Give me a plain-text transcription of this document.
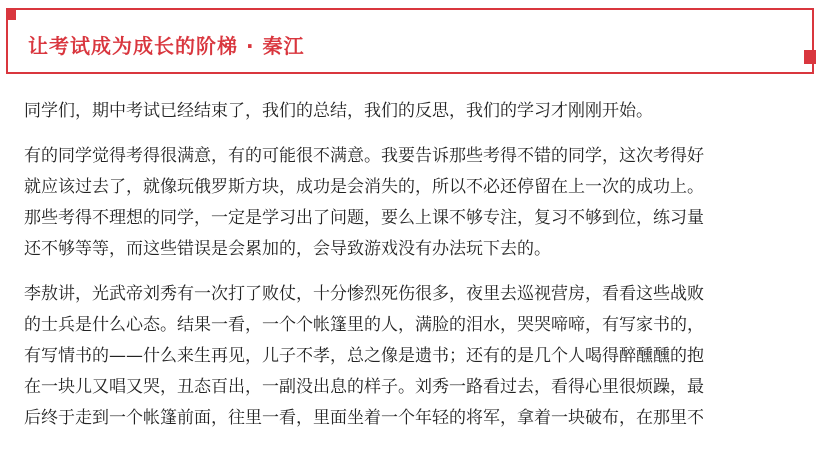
让考试成为成长的阶梯 · 秦江

同学们，期中考试已经结束了，我们的总结，我们的反思，我们的学习才刚刚开始。

有的同学觉得考得很满意，有的可能很不满意。我要告诉那些考得不错的同学，这次考得好
就应该过去了，就像玩俄罗斯方块，成功是会消失的，所以不必还停留在上一次的成功上。
那些考得不理想的同学，一定是学习出了问题，要么上课不够专注，复习不够到位，练习量
还不够等等，而这些错误是会累加的，会导致游戏没有办法玩下去的。

李敖讲，光武帝刘秀有一次打了败仗，十分惨烈死伤很多，夜里去巡视营房，看看这些战败
的士兵是什么心态。结果一看，一个个帐篷里的人，满脸的泪水，哭哭啼啼，有写家书的，
有写情书的——什么来生再见，儿子不孝，总之像是遗书；还有的是几个人喝得醉醺醺的抱
在一块儿又唱又哭，丑态百出，一副没出息的样子。刘秀一路看过去，看得心里很烦躁，最
后终于走到一个帐篷前面，往里一看，里面坐着一个年轻的将军，拿着一块破布，在那里不
